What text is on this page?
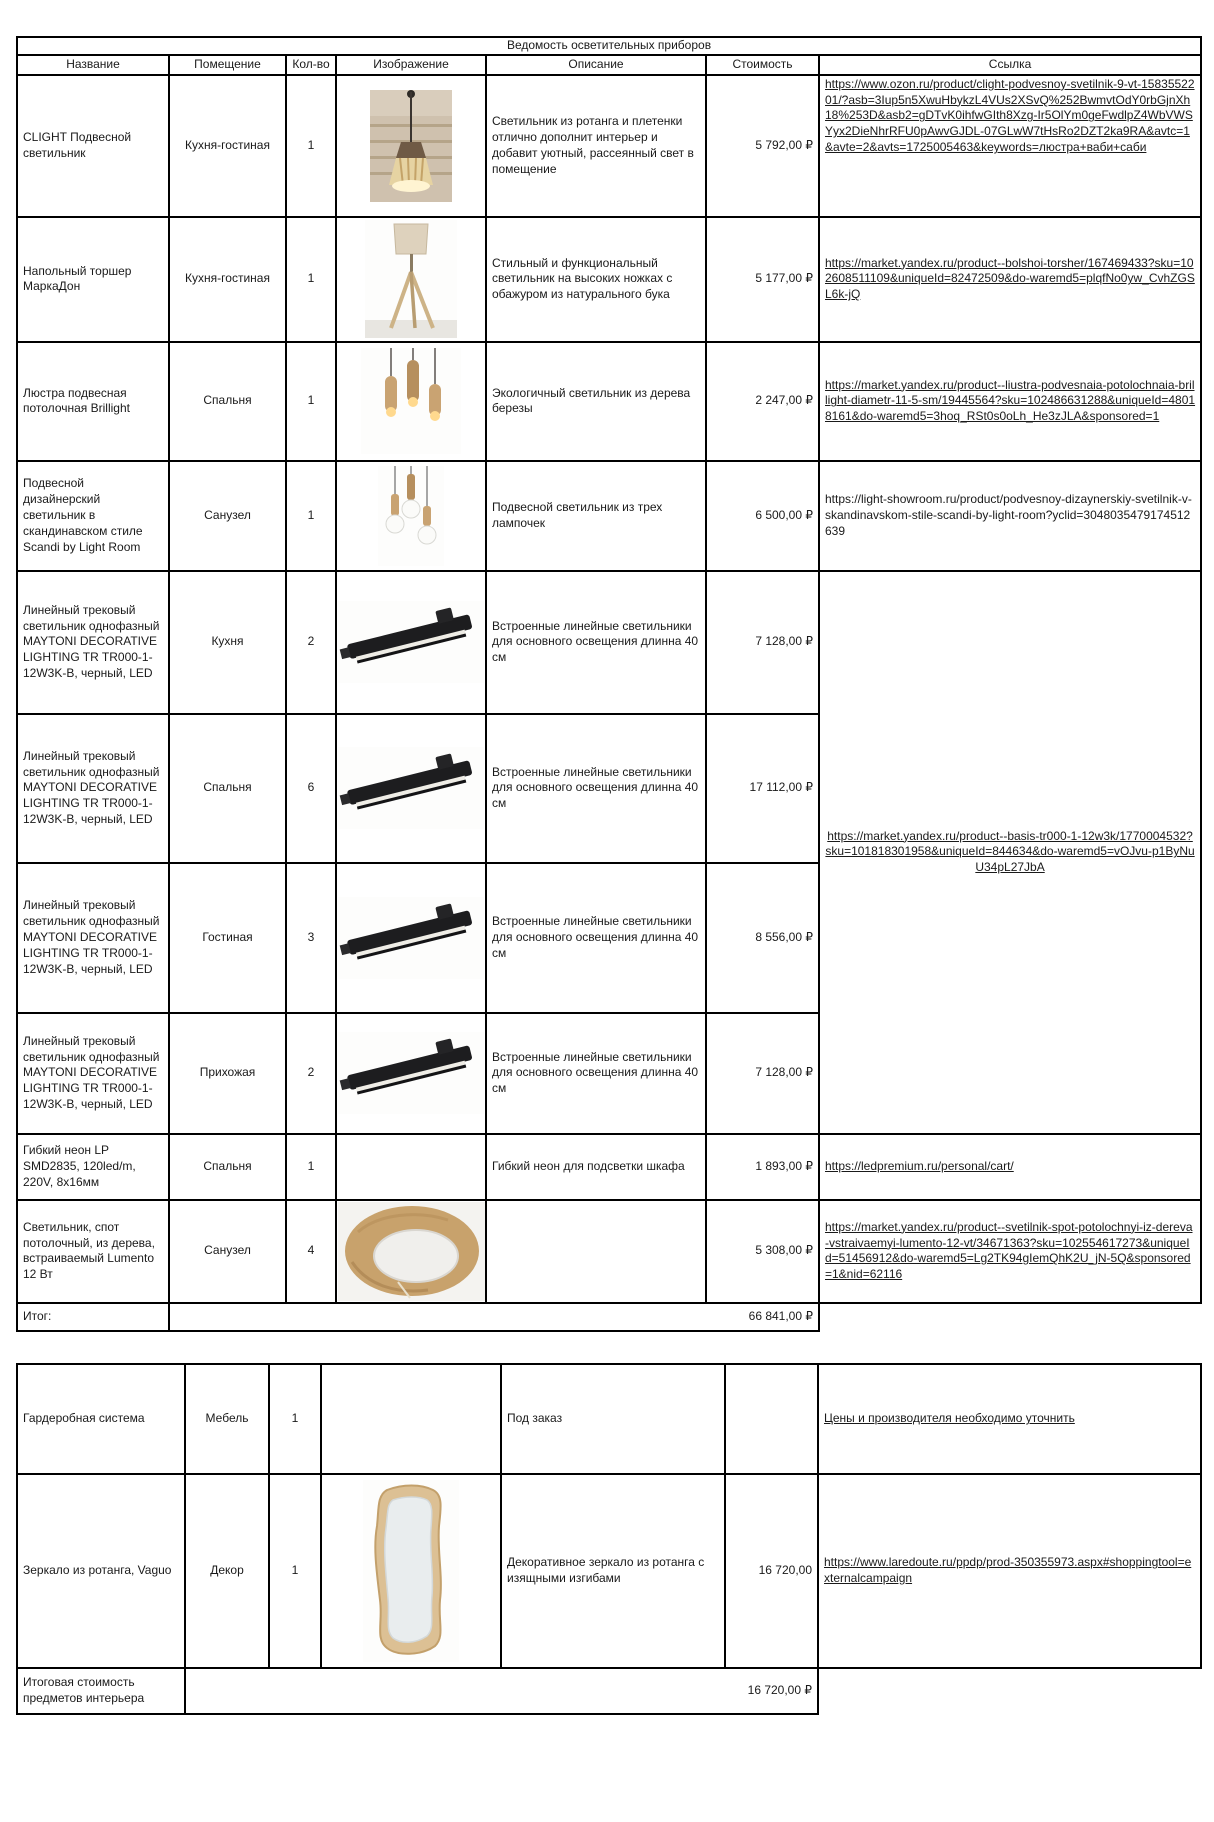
Ведомость осветительных приборов						
Название	Помещение	Кол-во	Изображение	Описание	Стоимость	Ссылка
CLIGHT Подвесной светильник	Кухня-гостиная	1		Светильник из ротанга и плетенки отлично дополнит интерьер и добавит уютный, рассеянный свет в помещение	5 792,00 ₽	https://www.ozon.ru/product/clight-podvesnoy-svetilnik-9-vt-1583552201/?asb=3Iup5n5XwuHbykzL4VUs2XSvQ%252BwmvtOdY0rbGjnXh18%253D&asb2=gDTvK0ihfwGIth8Xzg-Ir5OlYm0geFwdlpZ4WbVWSYyx2DieNhrRFU0pAwvGJDL-07GLwW7tHsRo2DZT2ka9RA&avtc=1&avte=2&avts=1725005463&keywords=люстра+ваби+саби
Напольный торшер МаркаДон	Кухня-гостиная	1		Стильный и функциональный светильник на высоких ножках с обажуром из натурального бука	5 177,00 ₽	https://market.yandex.ru/product--bolshoi-torsher/167469433?sku=102608511109&uniqueId=82472509&do-waremd5=plqfNo0yw_CvhZGSL6k-jQ
Люстра подвесная потолочная Brillight	Спальня	1		Экологичный светильник из дерева березы	2 247,00 ₽	https://market.yandex.ru/product--liustra-podvesnaia-potolochnaia-brillight-diametr-11-5-sm/19445564?sku=102486631288&uniqueId=48018161&do-waremd5=3hoq_RSt0s0oLh_He3zJLA&sponsored=1
Подвесной дизайнерский светильник в скандинавском стиле Scandi by Light Room	Санузел	1		Подвесной светильник из трех лампочек	6 500,00 ₽	https://light-showroom.ru/product/podvesnoy-dizaynerskiy-svetilnik-v-skandinavskom-stile-scandi-by-light-room?yclid=3048035479174512639
Линейный трековый светильник однофазный MAYTONI DECORATIVE LIGHTING TR TR000-1-12W3K-B, черный, LED	Кухня	2		Встроенные линейные светильники для основного освещения длинна 40 см	7 128,00 ₽	https://market.yandex.ru/product--basis-tr000-1-12w3k/1770004532?sku=101818301958&uniqueId=844634&do-waremd5=vOJvu-p1ByNuU34pL27JbA
Линейный трековый светильник однофазный MAYTONI DECORATIVE LIGHTING TR TR000-1-12W3K-B, черный, LED	Спальня	6		Встроенные линейные светильники для основного освещения длинна 40 см	17 112,00 ₽	
Линейный трековый светильник однофазный MAYTONI DECORATIVE LIGHTING TR TR000-1-12W3K-B, черный, LED	Гостиная	3		Встроенные линейные светильники для основного освещения длинна 40 см	8 556,00 ₽	
Линейный трековый светильник однофазный MAYTONI DECORATIVE LIGHTING TR TR000-1-12W3K-B, черный, LED	Прихожая	2		Встроенные линейные светильники для основного освещения длинна 40 см	7 128,00 ₽	
Гибкий неон LP SMD2835, 120led/m, 220V, 8x16мм	Спальня	1		Гибкий неон для подсветки шкафа	1 893,00 ₽	https://ledpremium.ru/personal/cart/
Светильник, спот потолочный, из дерева, встраиваемый Lumento 12 Вт	Санузел	4			5 308,00 ₽	https://market.yandex.ru/product--svetilnik-spot-potolochnyi-iz-dereva-vstraivaemyi-lumento-12-vt/34671363?sku=102554617273&uniqueId=51456912&do-waremd5=Lg2TK94gIemQhK2U_jN-5Q&sponsored=1&nid=62116
Итог:	66 841,00 ₽					
Гардеробная система	Мебель	1		Под заказ		Цены и производителя необходимо уточнить
Зеркало из ротанга, Vaguo	Декор	1		Декоративное зеркало из ротанга с изящными изгибами	16 720,00	https://www.laredoute.ru/ppdp/prod-350355973.aspx#shoppingtool=externalcampaign
Итоговая стоимость предметов интерьера	16 720,00 ₽					
